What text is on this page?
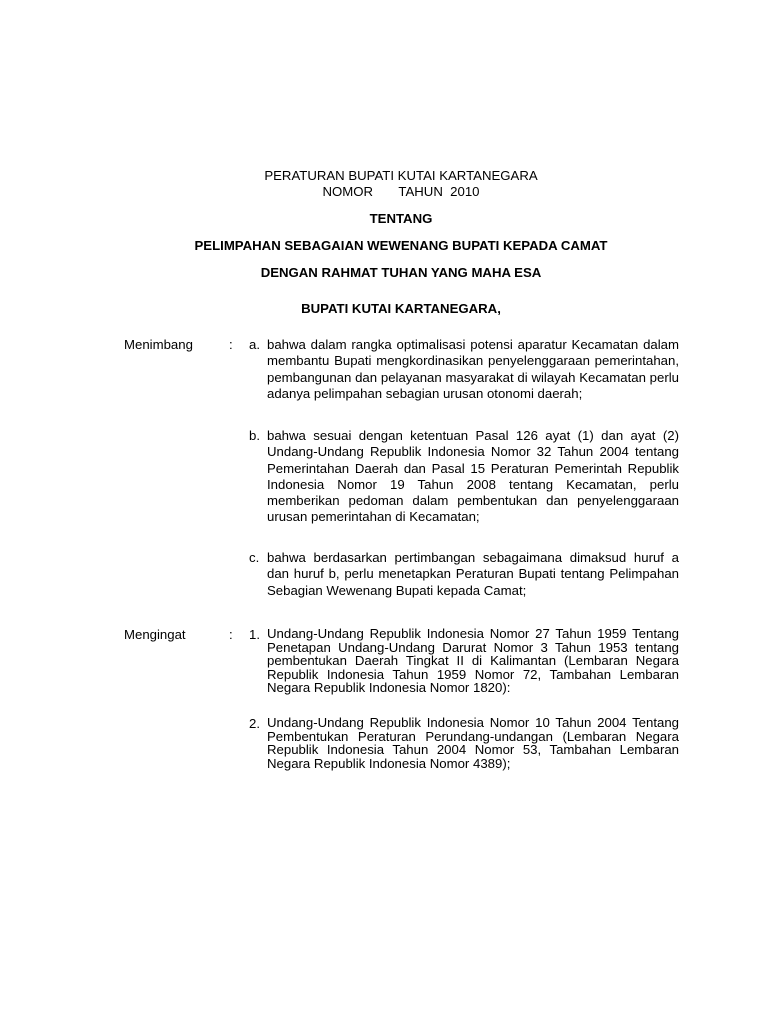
PERATURAN BUPATI KUTAI KARTANEGARA
NOMOR       TAHUN  2010
TENTANG
PELIMPAHAN SEBAGAIAN WEWENANG BUPATI KEPADA CAMAT
DENGAN RAHMAT TUHAN YANG MAHA ESA
BUPATI KUTAI KARTANEGARA,
Menimbang	: a. bahwa dalam rangka optimalisasi potensi aparatur Kecamatan dalam membantu Bupati mengkordinasikan penyelenggaraan pemerintahan, pembangunan dan pelayanan masyarakat di wilayah Kecamatan perlu adanya pelimpahan sebagian urusan otonomi daerah;
b. bahwa sesuai dengan ketentuan Pasal 126 ayat (1) dan ayat (2) Undang-Undang Republik Indonesia Nomor 32 Tahun 2004 tentang Pemerintahan Daerah dan Pasal 15 Peraturan Pemerintah Republik Indonesia Nomor 19 Tahun 2008 tentang Kecamatan, perlu memberikan pedoman dalam pembentukan dan penyelenggaraan urusan pemerintahan di Kecamatan;
c. bahwa berdasarkan pertimbangan sebagaimana dimaksud huruf a dan huruf b, perlu menetapkan Peraturan Bupati tentang Pelimpahan Sebagian Wewenang Bupati kepada Camat;
Mengingat	: 1. Undang-Undang Republik Indonesia Nomor 27 Tahun 1959 Tentang Penetapan Undang-Undang Darurat Nomor 3 Tahun 1953 tentang pembentukan Daerah Tingkat II di Kalimantan (Lembaran Negara Republik Indonesia Tahun 1959 Nomor 72, Tambahan Lembaran Negara Republik Indonesia Nomor 1820):
2. Undang-Undang Republik Indonesia Nomor 10 Tahun 2004 Tentang Pembentukan Peraturan Perundang-undangan (Lembaran Negara Republik Indonesia Tahun 2004 Nomor 53, Tambahan Lembaran Negara Republik Indonesia Nomor 4389);
